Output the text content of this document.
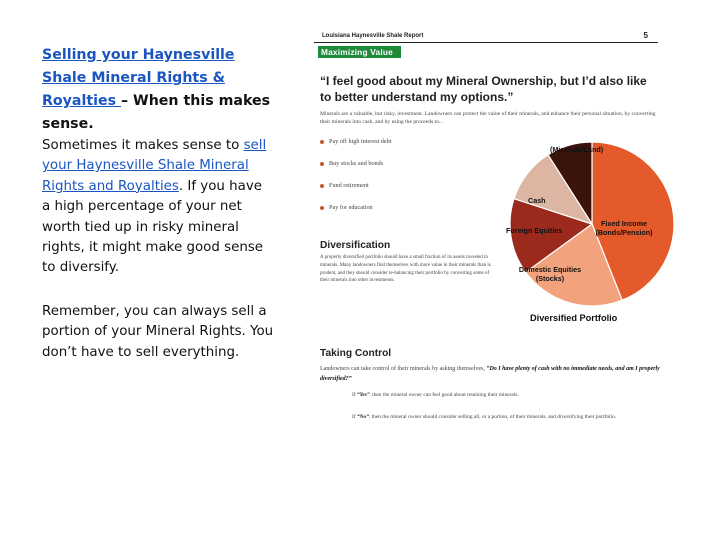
Selling your Haynesville Shale Mineral Rights & Royalties – When this makes sense.

Sometimes it makes sense to sell your Haynesville Shale Mineral Rights and Royalties. If you have a high percentage of your net worth tied up in risky mineral rights, it might make good sense to diversify.

Remember, you can always sell a portion of your Mineral Rights. You don’t have to sell everything.

Louisiana Haynesville Shale Report	5
Maximizing Value
“I feel good about my Mineral Ownership, but I’d also like to better understand my options.”
Minerals are a valuable, but risky, investment. Landowners can protect the value of their minerals, and enhance their personal situation, by converting their minerals into cash, and by using the proceeds to...
Pay off high interest debt
Buy stocks and bonds
Fund retirement
Pay for education
Diversification
A properly diversified portfolio should have a small fraction of its assets invested in minerals. Many landowners find themselves with more value in their minerals than is prudent, and they should consider re-balancing their portfolio by converting some of their minerals into other investments.
Taking Control
Landowners can take control of their minerals by asking themselves, “Do I have plenty of cash with no immediate needs, and am I properly diversified?”
If “Yes”, then the mineral owner can feel good about retaining their minerals.
If “No”, then the mineral owner should consider selling all, or a portion, of their minerals, and diversifying their portfolio.
(Minerals/Land)
Cash
Foreign Equities
Fixed Income (Bonds/Pension)
Domestic Equities (Stocks)
Diversified Portfolio
